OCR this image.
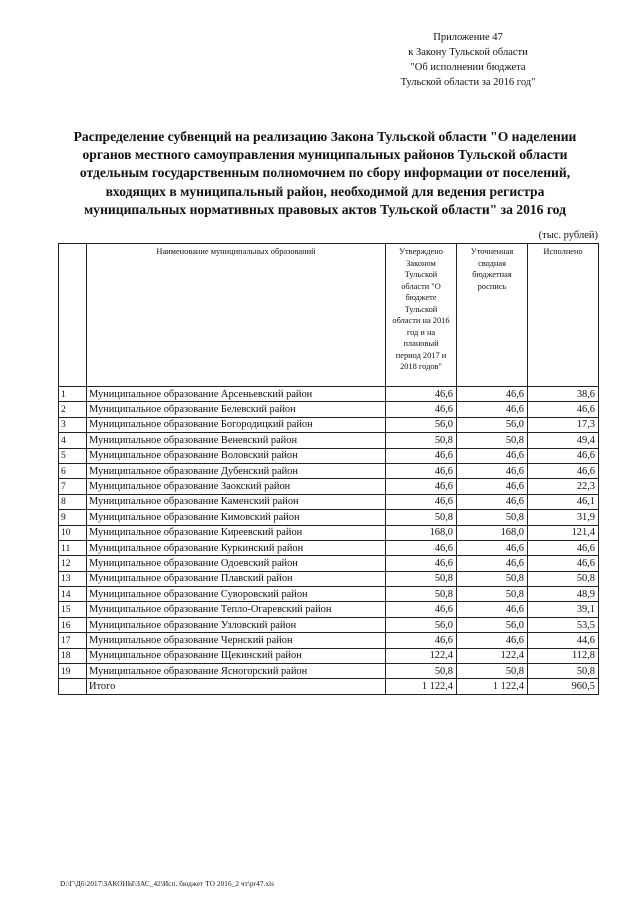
Приложение 47
к Закону Тульской области
"Об исполнении бюджета
Тульской области за 2016 год"
Распределение субвенций на реализацию Закона Тульской области "О наделении органов местного самоуправления муниципальных районов Тульской области отдельным государственным полномочием по сбору информации от поселений, входящих в муниципальный район, необходимой для ведения регистра муниципальных нормативных правовых актов Тульской области" за 2016 год
(тыс. рублей)
	Наименование муниципальных образований	Утверждено Законом Тульской области "О бюджете Тульской области на 2016 год и на плановый период 2017 и 2018 годов"	Уточненная сводная бюджетная роспись	Исполнено
1	Муниципальное образование Арсеньевский район	46,6	46,6	38,6
2	Муниципальное образование Белевский район	46,6	46,6	46,6
3	Муниципальное образование Богородицкий район	56,0	56,0	17,3
4	Муниципальное образование Веневский район	50,8	50,8	49,4
5	Муниципальное образование Воловский район	46,6	46,6	46,6
6	Муниципальное образование Дубенский район	46,6	46,6	46,6
7	Муниципальное образование Заокский район	46,6	46,6	22,3
8	Муниципальное образование Каменский район	46,6	46,6	46,1
9	Муниципальное образование Кимовский район	50,8	50,8	31,9
10	Муниципальное образование Киреевский район	168,0	168,0	121,4
11	Муниципальное образование Куркинский район	46,6	46,6	46,6
12	Муниципальное образование Одоевский район	46,6	46,6	46,6
13	Муниципальное образование Плавский район	50,8	50,8	50,8
14	Муниципальное образование Суворовский район	50,8	50,8	48,9
15	Муниципальное образование Тепло-Огаревский район	46,6	46,6	39,1
16	Муниципальное образование Узловский район	56,0	56,0	53,5
17	Муниципальное образование Чернский район	46,6	46,6	44,6
18	Муниципальное образование Щекинский район	122,4	122,4	112,8
19	Муниципальное образование Ясногорский район	50,8	50,8	50,8
	Итого	1 122,4	1 122,4	960,5
D:\Г\Д6\2017\ЗАКОНЫ\ЗАС_42\Исп. бюджет ТО 2016_2 чт\pr47.xls
